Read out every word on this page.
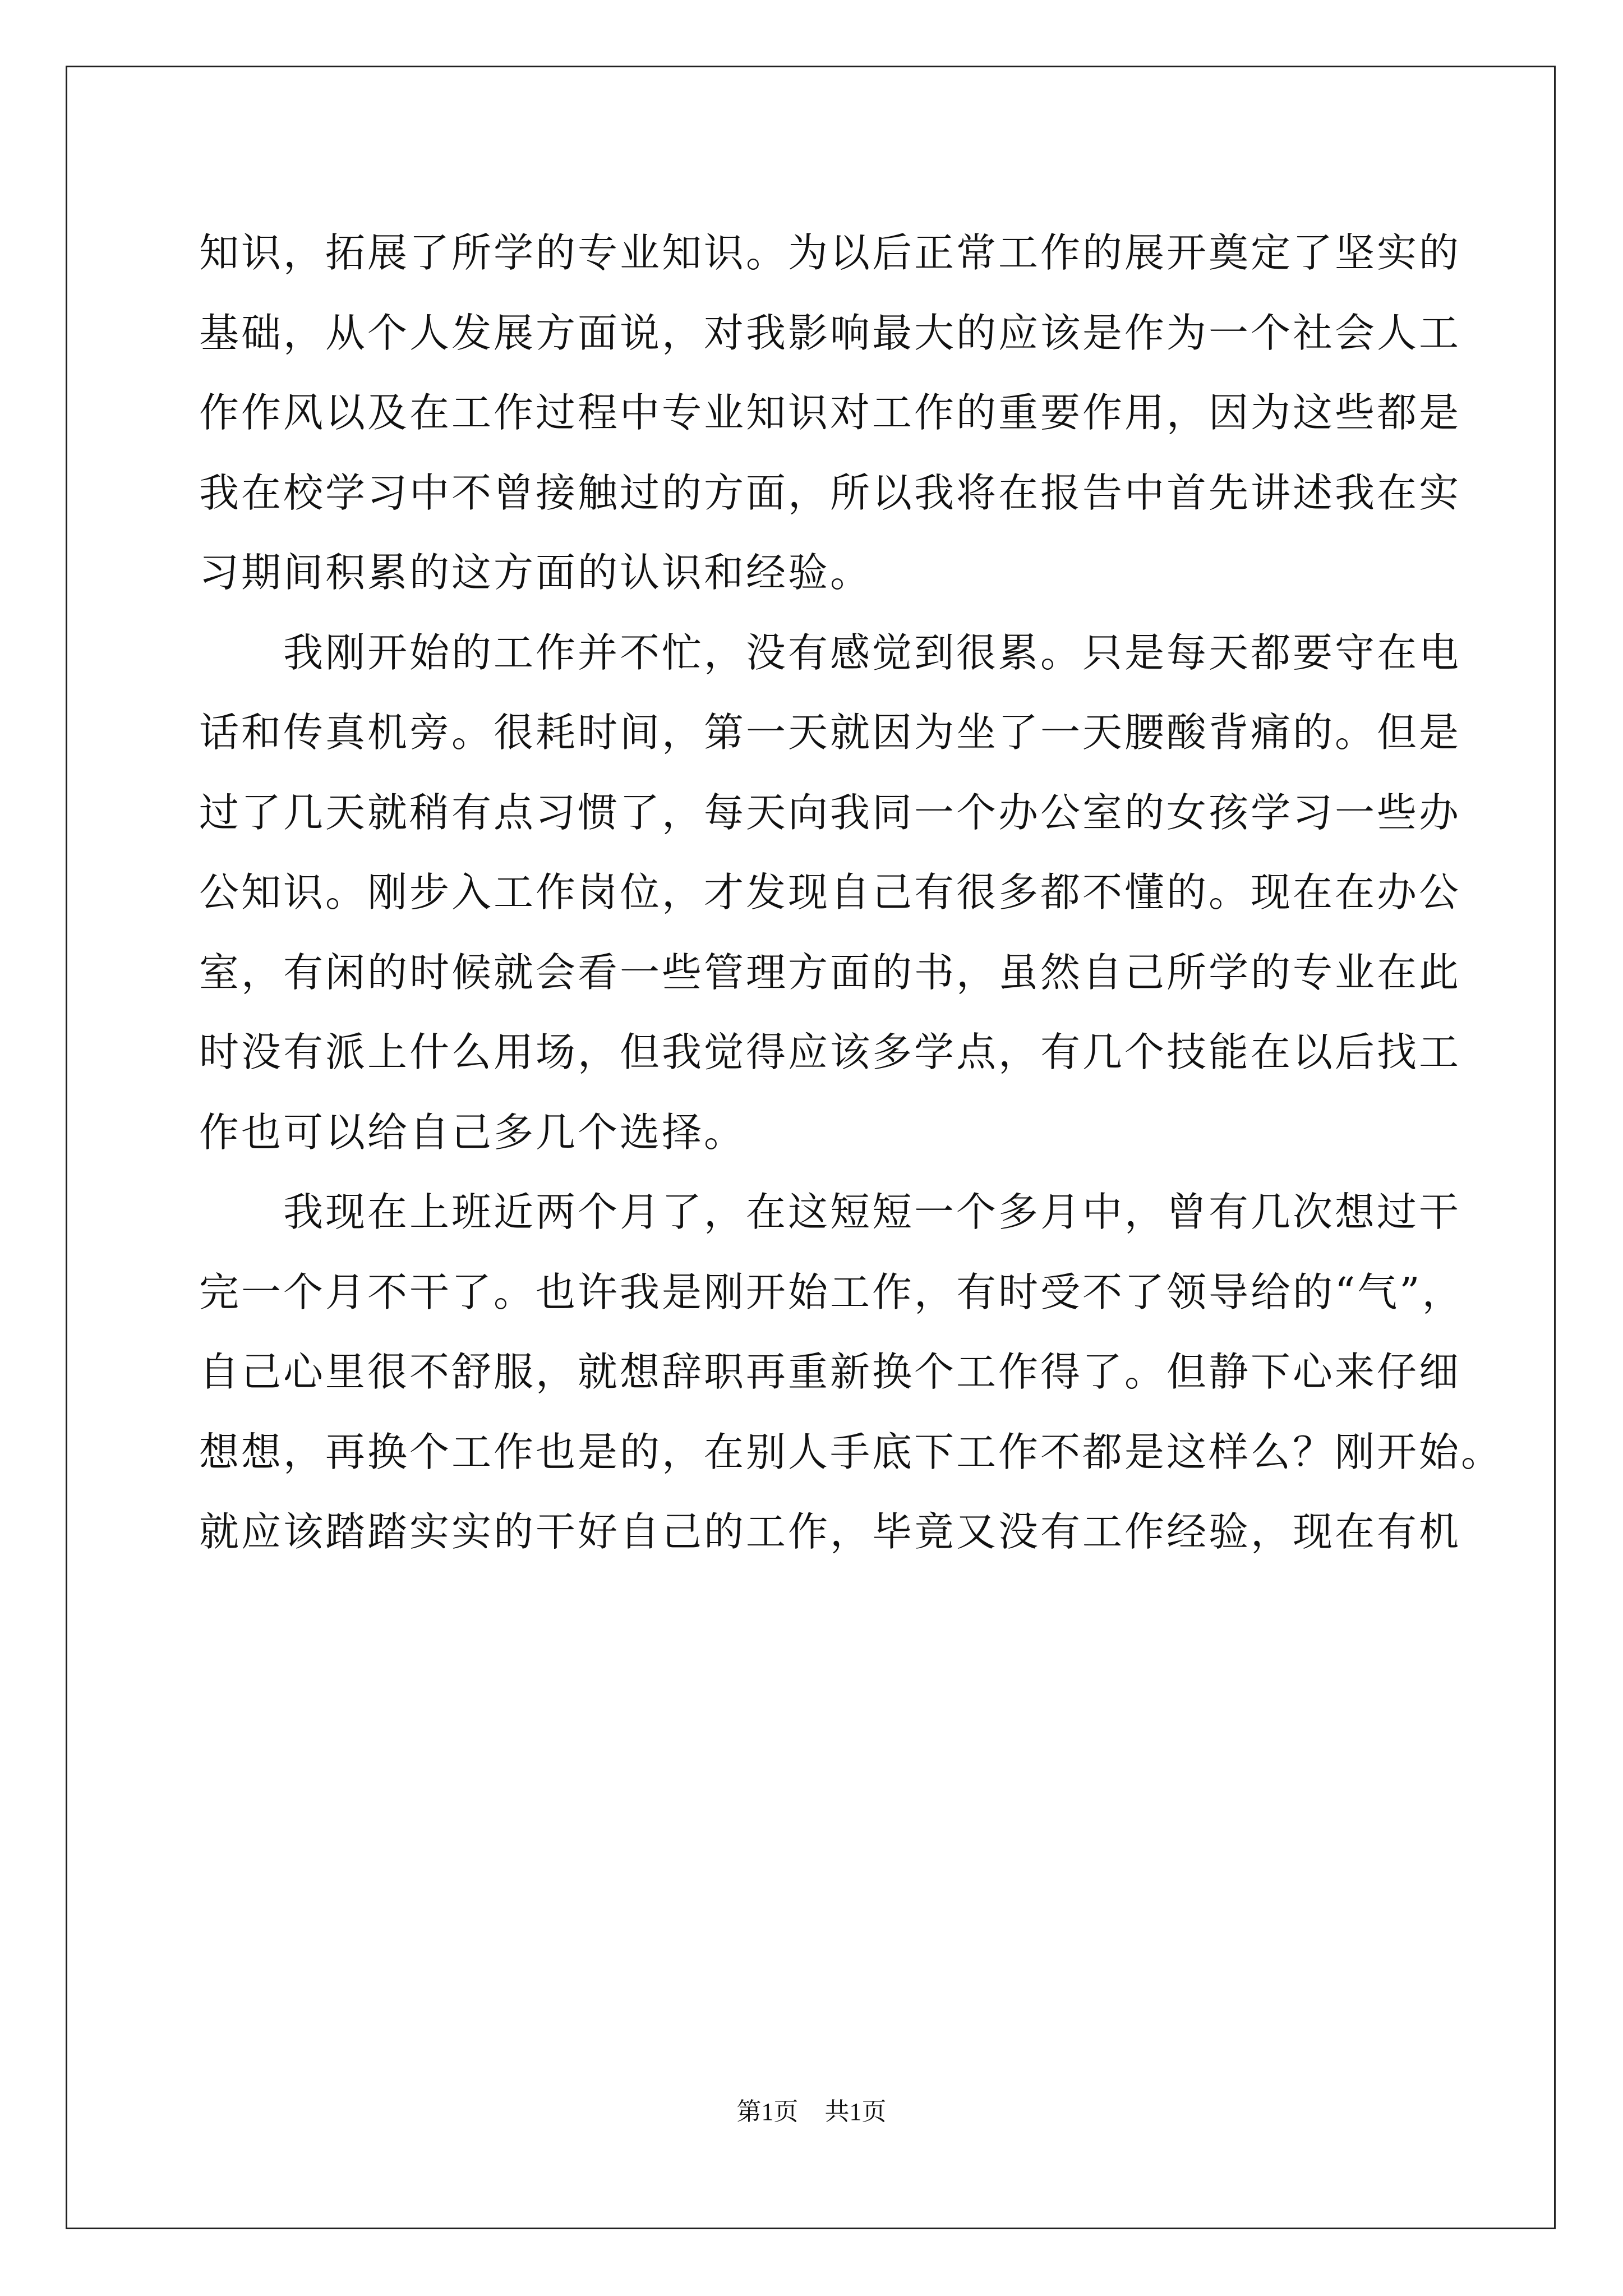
知识，拓展了所学的专业知识。为以后正常工作的展开奠定了坚实的
基础，从个人发展方面说，对我影响最大的应该是作为一个社会人工
作作风以及在工作过程中专业知识对工作的重要作用，因为这些都是
我在校学习中不曾接触过的方面，所以我将在报告中首先讲述我在实
习期间积累的这方面的认识和经验。

　　我刚开始的工作并不忙，没有感觉到很累。只是每天都要守在电
话和传真机旁。很耗时间，第一天就因为坐了一天腰酸背痛的。但是
过了几天就稍有点习惯了，每天向我同一个办公室的女孩学习一些办
公知识。刚步入工作岗位，才发现自己有很多都不懂的。现在在办公
室，有闲的时候就会看一些管理方面的书，虽然自己所学的专业在此
时没有派上什么用场，但我觉得应该多学点，有几个技能在以后找工
作也可以给自己多几个选择。

　　我现在上班近两个月了，在这短短一个多月中，曾有几次想过干
完一个月不干了。也许我是刚开始工作，有时受不了领导给的“气”，
自己心里很不舒服，就想辞职再重新换个工作得了。但静下心来仔细
想想，再换个工作也是的，在别人手底下工作不都是这样么？刚开始。
就应该踏踏实实的干好自己的工作，毕竟又没有工作经验，现在有机

第1页 共1页
